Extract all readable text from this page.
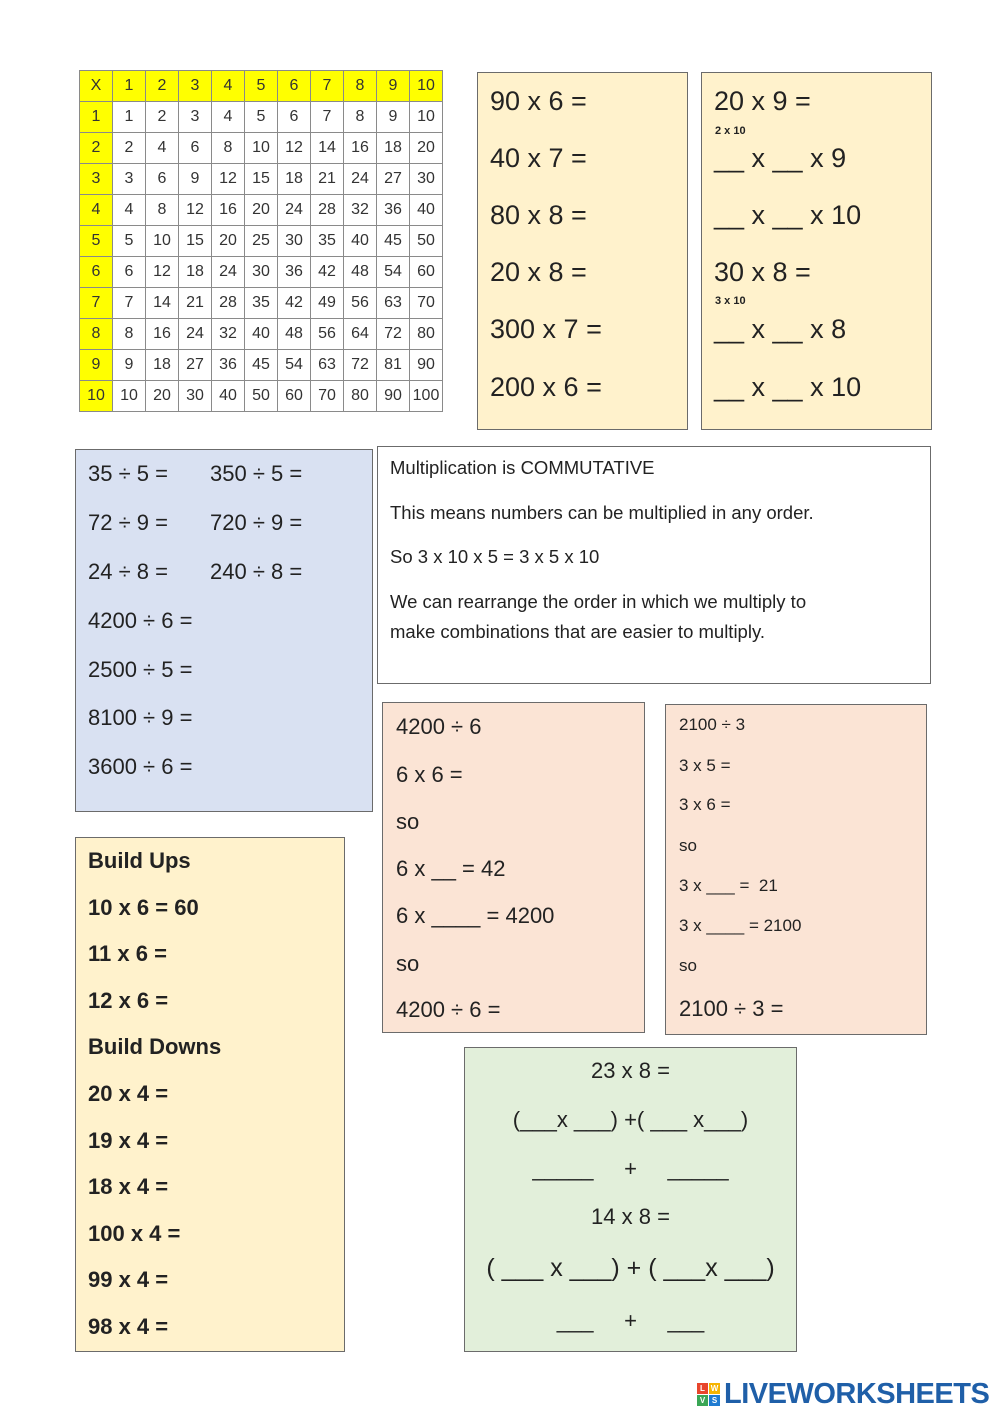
X	1	2	3	4	5	6	7	8	9	10
1	1	2	3	4	5	6	7	8	9	10
2	2	4	6	8	10	12	14	16	18	20
3	3	6	9	12	15	18	21	24	27	30
4	4	8	12	16	20	24	28	32	36	40
5	5	10	15	20	25	30	35	40	45	50
6	6	12	18	24	30	36	42	48	54	60
7	7	14	21	28	35	42	49	56	63	70
8	8	16	24	32	40	48	56	64	72	80
9	9	18	27	36	45	54	63	72	81	90
10	10	20	30	40	50	60	70	80	90	100
90 x 6 =
40 x 7 =
80 x 8 =
20 x 8 =
300 x 7 =
200 x 6 =
20 x 9 =
2 x 10
__ x __ x 9
__ x __ x 10
30 x 8 =
3 x 10
__ x __ x 8
__ x __ x 10
35 ÷ 5 = 350 ÷ 5 =
72 ÷ 9 = 720 ÷ 9 =
24 ÷ 8 = 240 ÷ 8 =
4200 ÷ 6 =
2500 ÷ 5 =
8100 ÷ 9 =
3600 ÷ 6 =
Multiplication is COMMUTATIVE
This means numbers can be multiplied in any order.
So 3 x 10 x 5 = 3 x 5 x 10
We can rearrange the order in which we multiply to
make combinations that are easier to multiply.
4200 ÷ 6
6 x 6 =
so
6 x __ = 42
6 x ____ = 4200
so
4200 ÷ 6 =
2100 ÷ 3
3 x 5 =
3 x 6 =
so
3 x ___ =  21
3 x ____ = 2100
so
2100 ÷ 3 =
Build Ups
10 x 6 = 60
11 x 6 =
12 x 6 =
Build Downs
20 x 4 =
19 x 4 =
18 x 4 =
100 x 4 =
99 x 4 =
98 x 4 =
23 x 8 =
(___x ___) +( ___ x___)
_____     +     _____
14 x 8 =
( ___ x ___) + ( ___x ___)
___     +     ___
L W
V S LIVEWORKSHEETS
